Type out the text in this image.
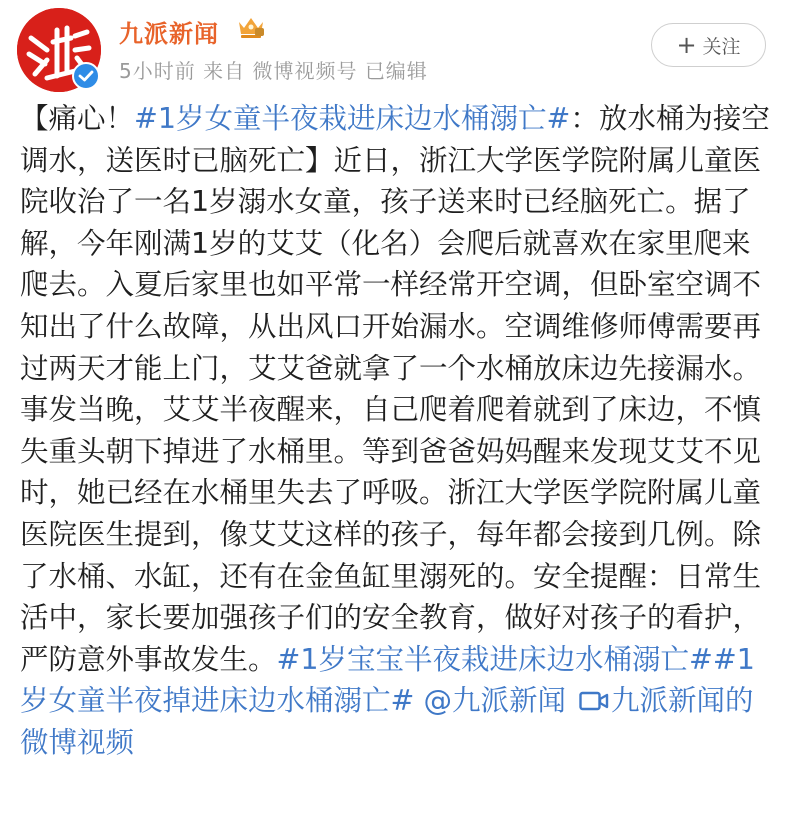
九派新闻
5小时前 来自 微博视频号 已编辑
+ 关注

【痛心！#1岁女童半夜栽进床边水桶溺亡#：放水桶为接空调水，送医时已脑死亡】近日，浙江大学医学院附属儿童医院收治了一名1岁溺水女童，孩子送来时已经脑死亡。据了解，今年刚满1岁的艾艾（化名）会爬后就喜欢在家里爬来爬去。入夏后家里也如平常一样经常开空调，但卧室空调不知出了什么故障，从出风口开始漏水。空调维修师傅需要再过两天才能上门，艾艾爸就拿了一个水桶放床边先接漏水。事发当晚，艾艾半夜醒来，自己爬着爬着就到了床边，不慎失重头朝下掉进了水桶里。等到爸爸妈妈醒来发现艾艾不见时，她已经在水桶里失去了呼吸。浙江大学医学院附属儿童医院医生提到，像艾艾这样的孩子，每年都会接到几例。除了水桶、水缸，还有在金鱼缸里溺死的。安全提醒：日常生活中，家长要加强孩子们的安全教育，做好对孩子的看护，严防意外事故发生。#1岁宝宝半夜栽进床边水桶溺亡##1岁女童半夜掉进床边水桶溺亡# @九派新闻 九派新闻的微博视频
